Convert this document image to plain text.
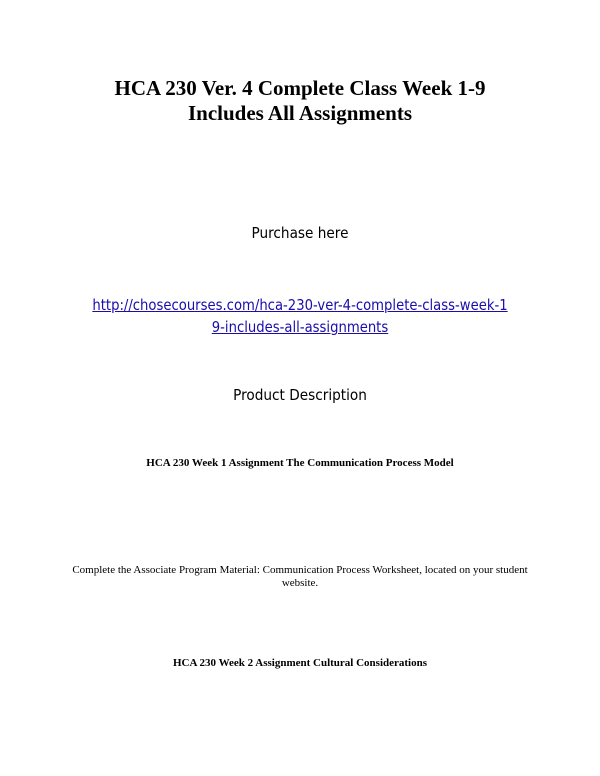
HCA 230 Ver. 4 Complete Class Week 1-9
Includes All Assignments
Purchase here
http://chosecourses.com/hca-230-ver-4-complete-class-week-1
9-includes-all-assignments
Product Description
HCA 230 Week 1 Assignment The Communication Process Model
Complete the Associate Program Material: Communication Process Worksheet, located on your student website.
HCA 230 Week 2 Assignment Cultural Considerations
